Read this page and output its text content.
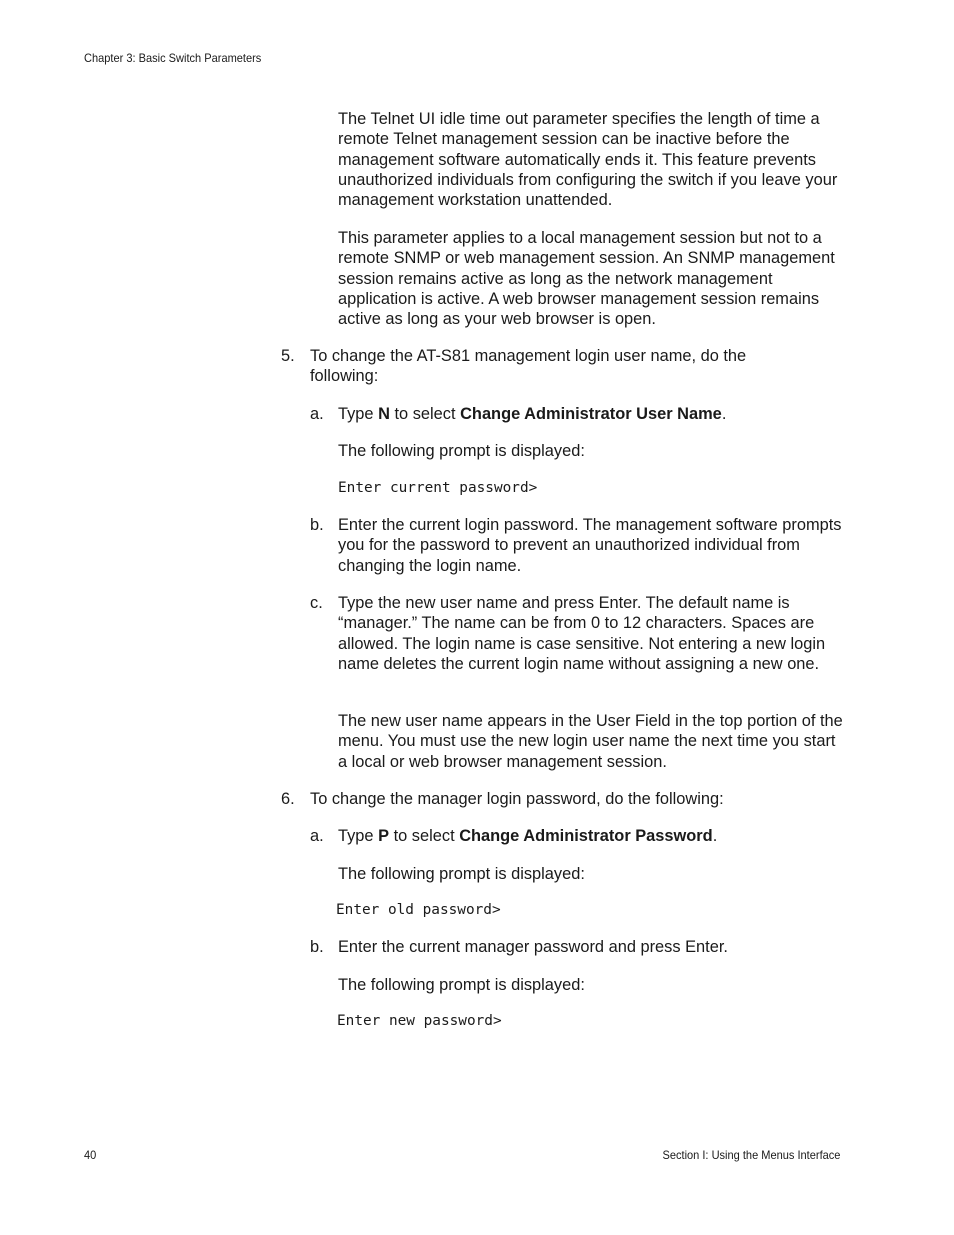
Chapter 3: Basic Switch Parameters
The Telnet UI idle time out parameter specifies the length of time a remote Telnet management session can be inactive before the management software automatically ends it. This feature prevents unauthorized individuals from configuring the switch if you leave your management workstation unattended.
This parameter applies to a local management session but not to a remote SNMP or web management session. An SNMP management session remains active as long as the network management application is active. A web browser management session remains active as long as your web browser is open.
5. To change the AT-S81 management login user name, do the following:
a. Type N to select Change Administrator User Name.
The following prompt is displayed:
Enter current password>
b. Enter the current login password. The management software prompts you for the password to prevent an unauthorized individual from changing the login name.
c. Type the new user name and press Enter. The default name is “manager.” The name can be from 0 to 12 characters. Spaces are allowed. The login name is case sensitive. Not entering a new login name deletes the current login name without assigning a new one.
The new user name appears in the User Field in the top portion of the menu. You must use the new login user name the next time you start a local or web browser management session.
6. To change the manager login password, do the following:
a. Type P to select Change Administrator Password.
The following prompt is displayed:
Enter old password>
b. Enter the current manager password and press Enter.
The following prompt is displayed:
Enter new password>
40	Section I: Using the Menus Interface
